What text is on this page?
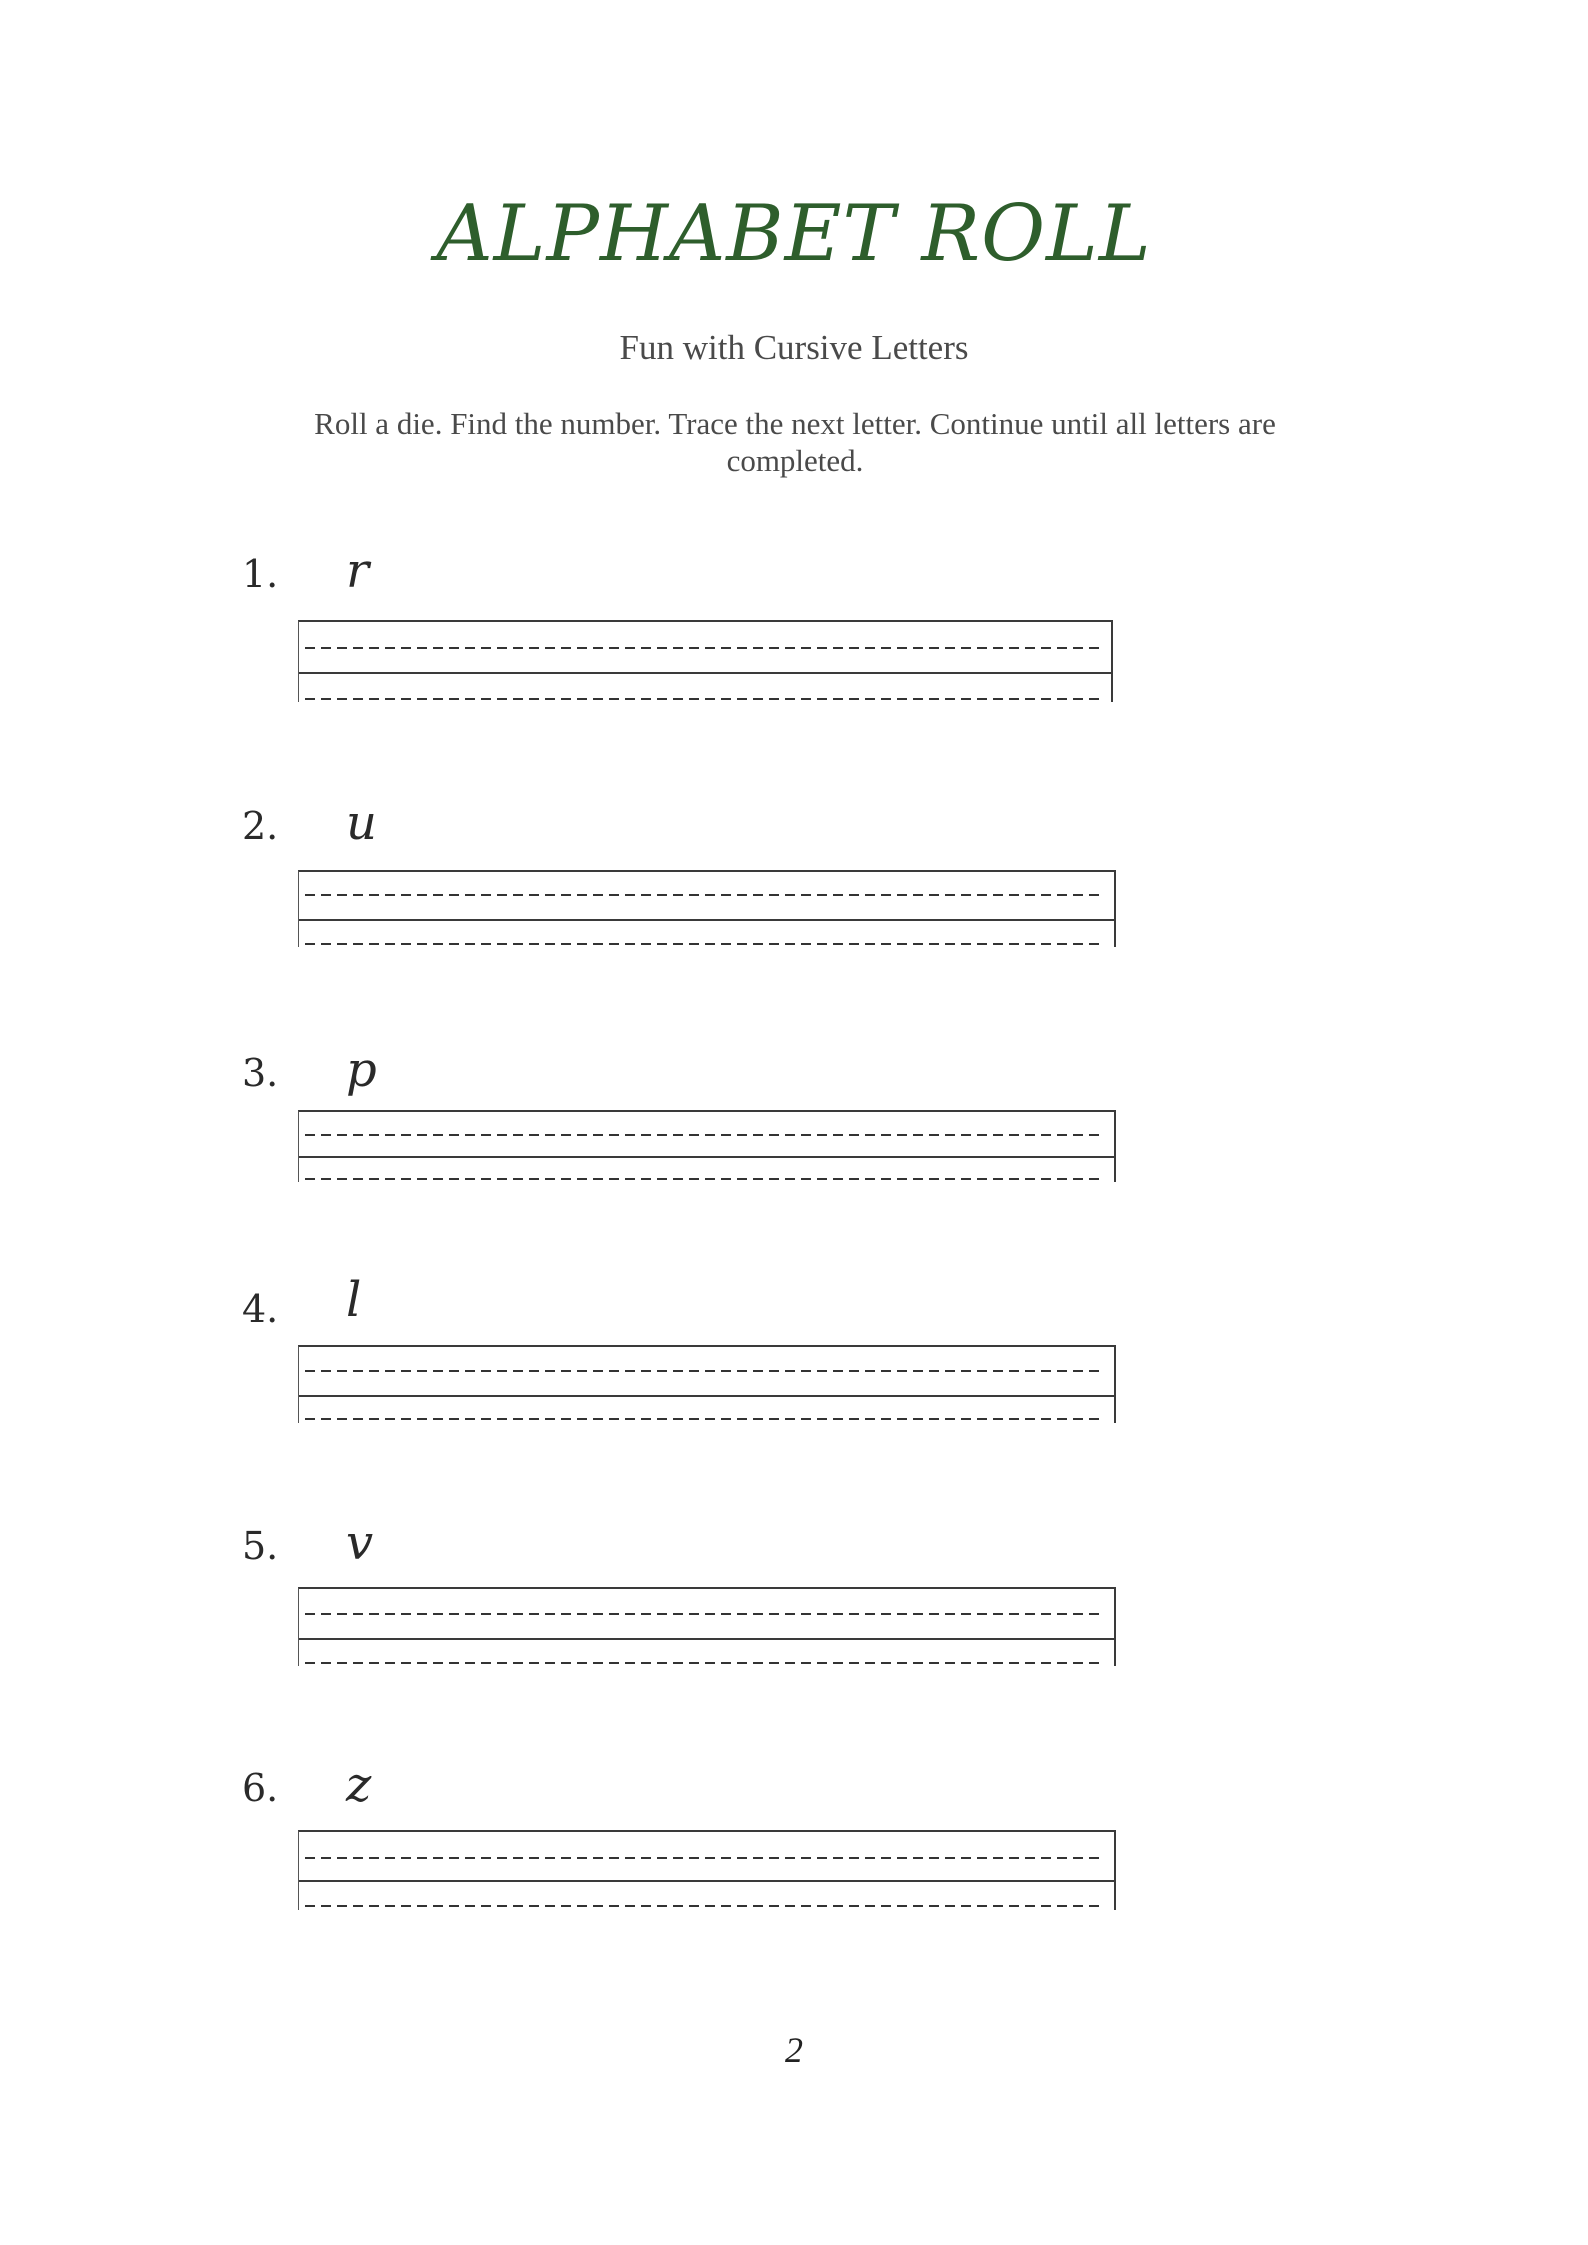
ALPHABET ROLL
Fun with Cursive Letters
Roll a die. Find the number. Trace the next letter. Continue until all letters are completed.
1.	r
2.	u
3.	p
4.	l
5.	v
6.	z
2
